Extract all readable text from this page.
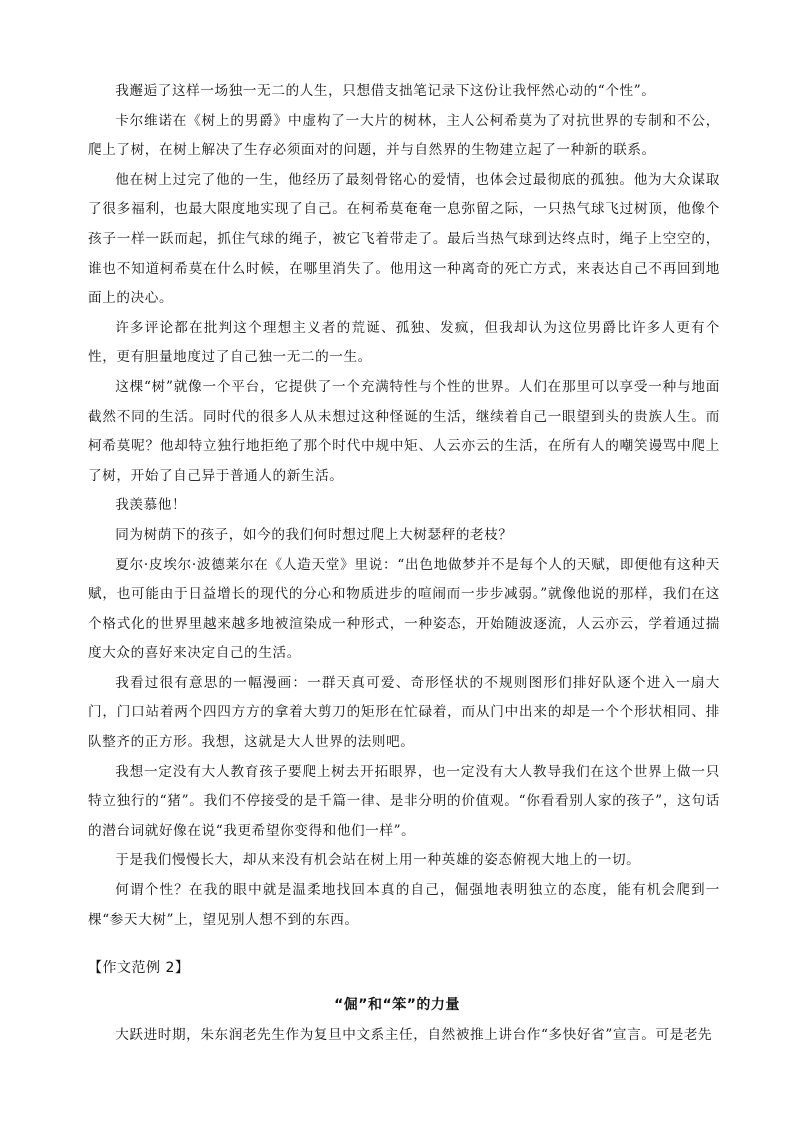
我邂逅了这样一场独一无二的人生，只想借支拙笔记录下这份让我怦然心动的“个性”。

卡尔维诺在《树上的男爵》中虚构了一大片的树林，主人公柯希莫为了对抗世界的专制和不公，爬上了树，在树上解决了生存必须面对的问题，并与自然界的生物建立起了一种新的联系。

他在树上过完了他的一生，他经历了最刻骨铭心的爱情，也体会过最彻底的孤独。他为大众谋取了很多福利，也最大限度地实现了自己。在柯希莫奄奄一息弥留之际，一只热气球飞过树顶，他像个孩子一样一跃而起，抓住气球的绳子，被它飞着带走了。最后当热气球到达终点时，绳子上空空的，谁也不知道柯希莫在什么时候，在哪里消失了。他用这一种离奇的死亡方式，来表达自己不再回到地面上的决心。

许多评论都在批判这个理想主义者的荒诞、孤独、发疯，但我却认为这位男爵比许多人更有个性，更有胆量地度过了自己独一无二的一生。

这棵“树”就像一个平台，它提供了一个充满特性与个性的世界。人们在那里可以享受一种与地面截然不同的生活。同时代的很多人从未想过这种怪诞的生活，继续着自己一眼望到头的贵族人生。而柯希莫呢？他却特立独行地拒绝了那个时代中规中矩、人云亦云的生活，在所有人的嘲笑谩骂中爬上了树，开始了自己异于普通人的新生活。

我羡慕他！

同为树荫下的孩子，如今的我们何时想过爬上大树瑟秤的老枝？

夏尔·皮埃尔·波德莱尔在《人造天堂》里说：“出色地做梦并不是每个人的天赋，即便他有这种天赋，也可能由于日益增长的现代的分心和物质进步的喧闹而一步步减弱。”就像他说的那样，我们在这个格式化的世界里越来越多地被渲染成一种形式，一种姿态，开始随波逐流，人云亦云，学着通过揣度大众的喜好来决定自己的生活。

我看过很有意思的一幅漫画：一群天真可爱、奇形怪状的不规则图形们排好队逐个进入一扇大门，门口站着两个四四方方的拿着大剪刀的矩形在忙碌着，而从门中出来的却是一个个形状相同、排队整齐的正方形。我想，这就是大人世界的法则吧。

我想一定没有大人教育孩子要爬上树去开拓眼界，也一定没有大人教导我们在这个世界上做一只特立独行的“猪”。我们不停接受的是千篇一律、是非分明的价值观。“你看看别人家的孩子”，这句话的潜台词就好像在说“我更希望你变得和他们一样”。

于是我们慢慢长大，却从来没有机会站在树上用一种英雄的姿态俯视大地上的一切。

何谓个性？在我的眼中就是温柔地找回本真的自己，倔强地表明独立的态度，能有机会爬到一棵“参天大树”上，望见别人想不到的东西。

【作文范例 2】
“倔”和“笨”的力量

大跃进时期，朱东润老先生作为复旦中文系主任，自然被推上讲台作“多快好省”宣言。可是老先
